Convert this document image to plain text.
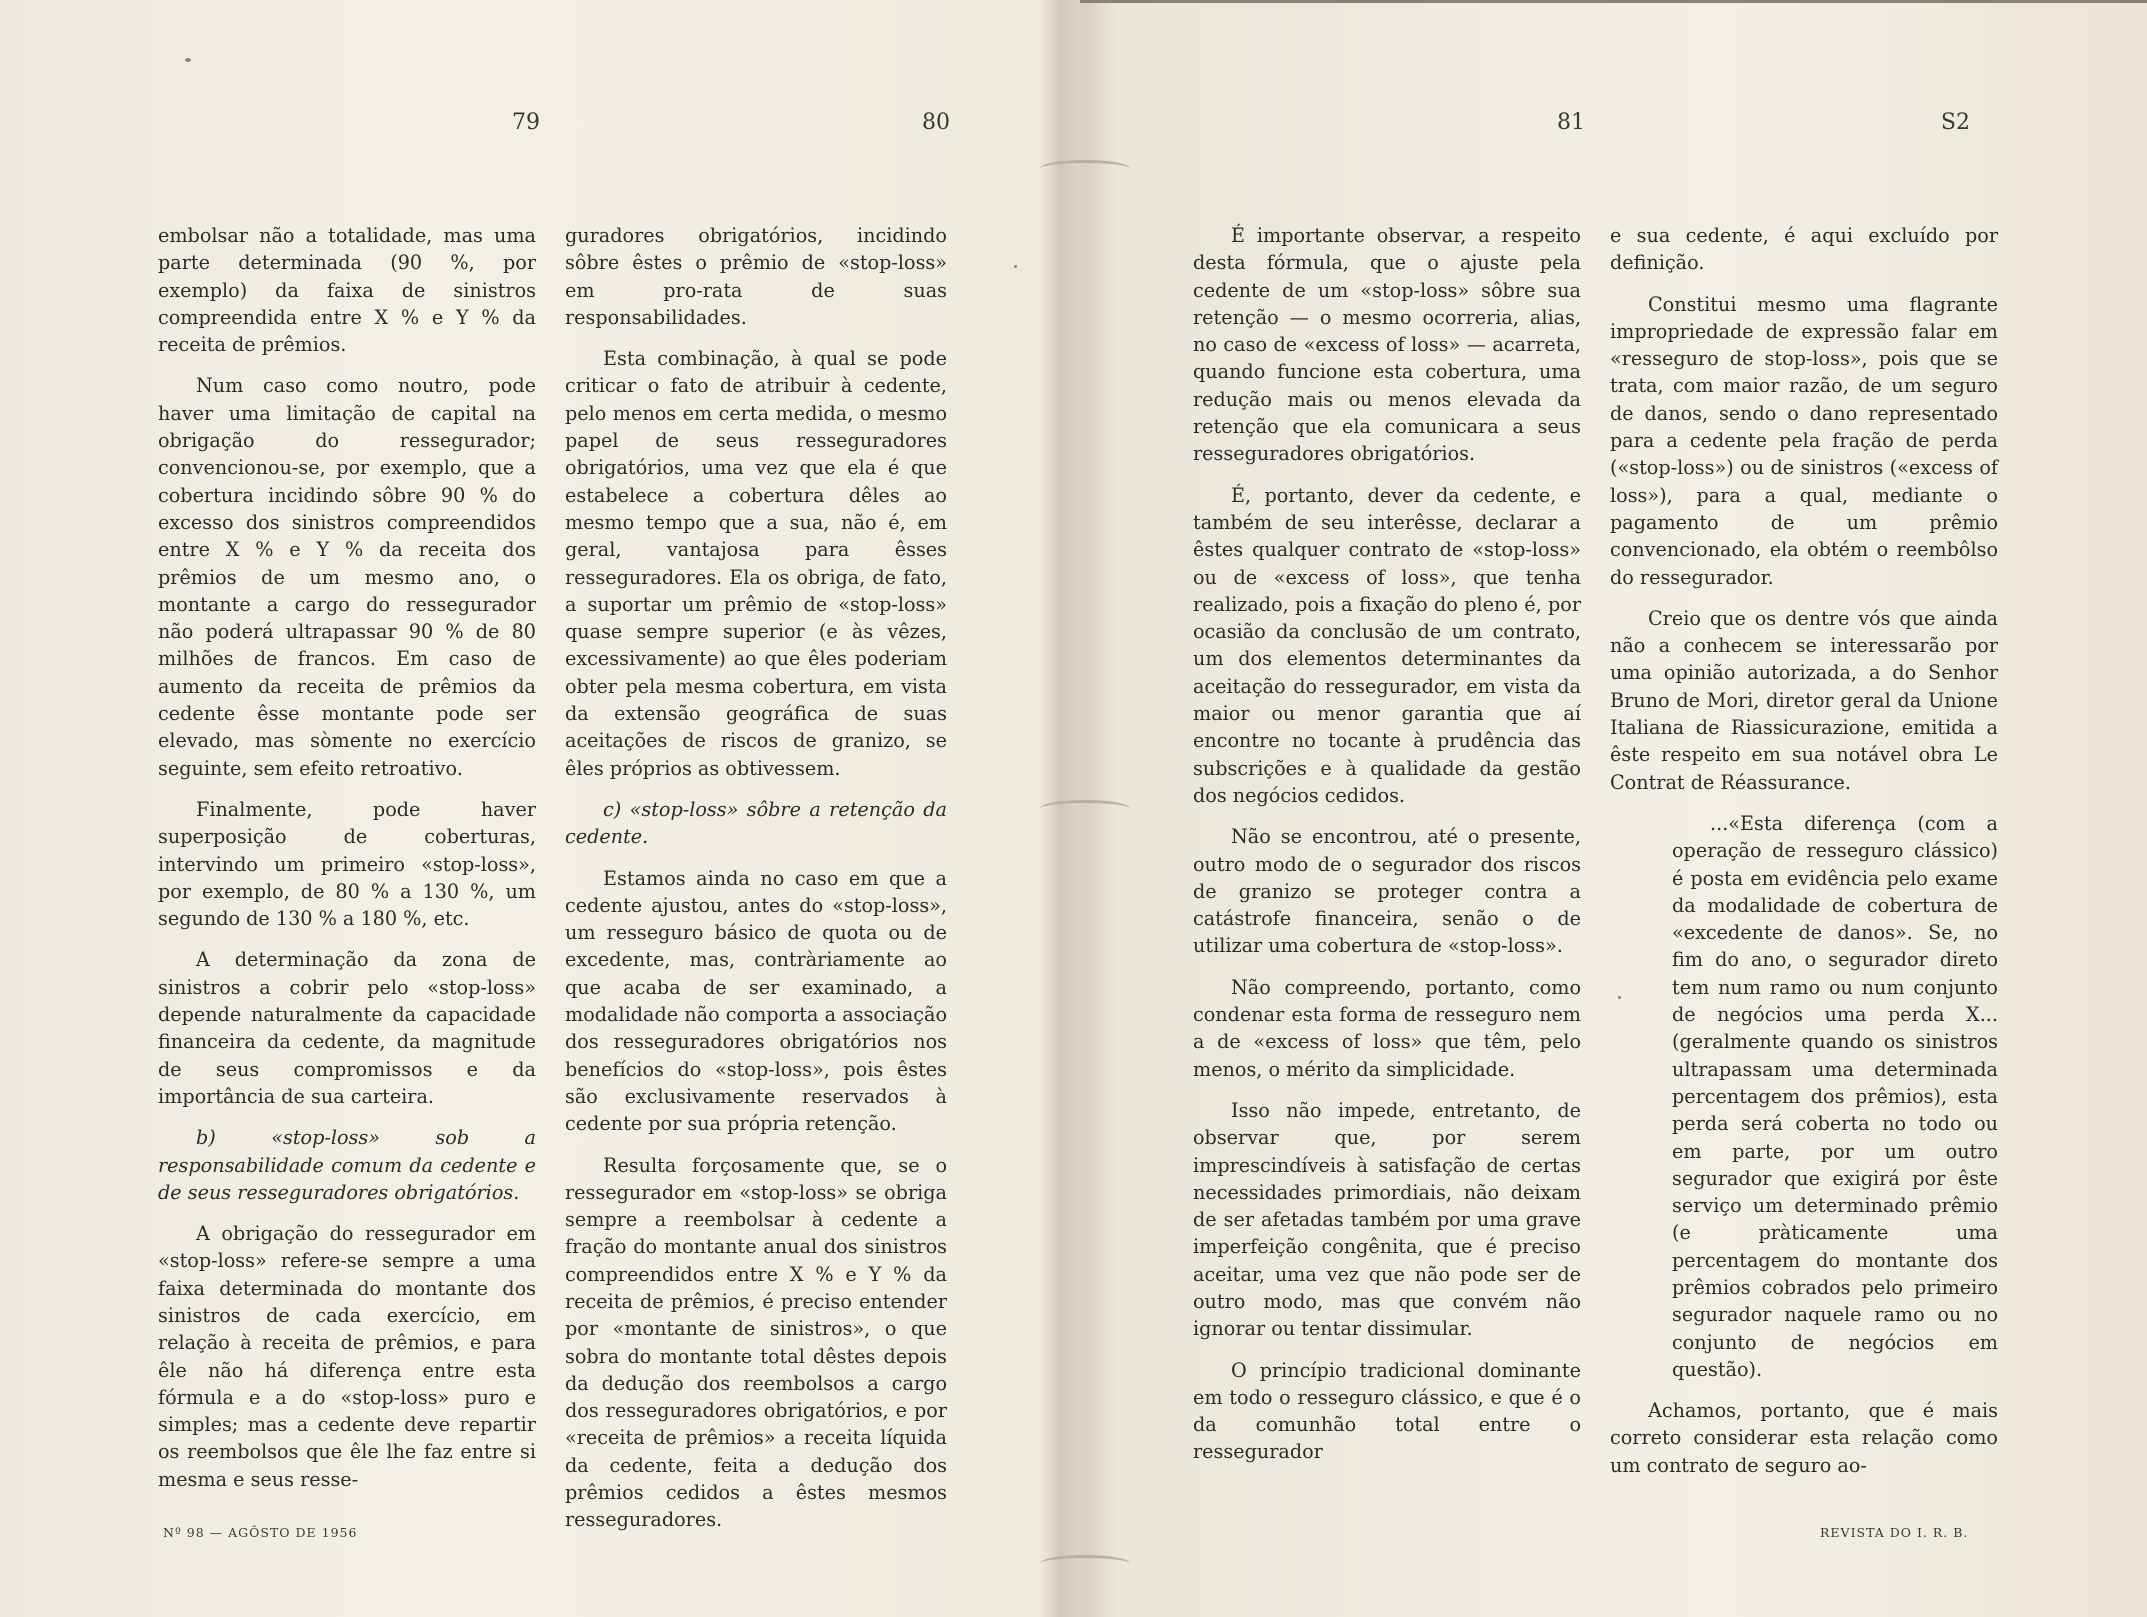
79

embolsar não a totalidade, mas uma parte determinada (90 %, por exemplo) da faixa de sinistros compreendida entre X % e Y % da receita de prêmios.

Num caso como noutro, pode haver uma limitação de capital na obrigação do ressegurador; convencionou-se, por exemplo, que a cobertura incidindo sôbre 90 % do excesso dos sinistros compreendidos entre X % e Y % da receita dos prêmios de um mesmo ano, o montante a cargo do ressegurador não poderá ultrapassar 90 % de 80 milhões de francos. Em caso de aumento da receita de prêmios da cedente êsse montante pode ser elevado, mas sòmente no exercício seguinte, sem efeito retroativo.

Finalmente, pode haver superposição de coberturas, intervindo um primeiro «stop-loss», por exemplo, de 80 % a 130 %, um segundo de 130 % a 180 %, etc.

A determinação da zona de sinistros a cobrir pelo «stop-loss» depende naturalmente da capacidade financeira da cedente, da magnitude de seus compromissos e da importância de sua carteira.

b) «stop-loss» sob a responsabilidade comum da cedente e de seus resseguradores obrigatórios.

A obrigação do ressegurador em «stop-loss» refere-se sempre a uma faixa determinada do montante dos sinistros de cada exercício, em relação à receita de prêmios, e para êle não há diferença entre esta fórmula e a do «stop-loss» puro e simples; mas a cedente deve repartir os reembolsos que êle lhe faz entre si mesma e seus resse-

80

guradores obrigatórios, incidindo sôbre êstes o prêmio de «stop-loss» em pro-rata de suas responsabilidades.

Esta combinação, à qual se pode criticar o fato de atribuir à cedente, pelo menos em certa medida, o mesmo papel de seus resseguradores obrigatórios, uma vez que ela é que estabelece a cobertura dêles ao mesmo tempo que a sua, não é, em geral, vantajosa para êsses resseguradores. Ela os obriga, de fato, a suportar um prêmio de «stop-loss» quase sempre superior (e às vêzes, excessivamente) ao que êles poderiam obter pela mesma cobertura, em vista da extensão geográfica de suas aceitações de riscos de granizo, se êles próprios as obtivessem.

c) «stop-loss» sôbre a retenção da cedente.

Estamos ainda no caso em que a cedente ajustou, antes do «stop-loss», um resseguro básico de quota ou de excedente, mas, contràriamente ao que acaba de ser examinado, a modalidade não comporta a associação dos resseguradores obrigatórios nos benefícios do «stop-loss», pois êstes são exclusivamente reservados à cedente por sua própria retenção.

Resulta forçosamente que, se o ressegurador em «stop-loss» se obriga sempre a reembolsar à cedente a fração do montante anual dos sinistros compreendidos entre X % e Y % da receita de prêmios, é preciso entender por «montante de sinistros», o que sobra do montante total dêstes depois da dedução dos reembolsos a cargo dos resseguradores obrigatórios, e por «receita de prêmios» a receita líquida da cedente, feita a dedução dos prêmios cedidos a êstes mesmos resseguradores.

81

É importante observar, a respeito desta fórmula, que o ajuste pela cedente de um «stop-loss» sôbre sua retenção — o mesmo ocorreria, alias, no caso de «excess of loss» — acarreta, quando funcione esta cobertura, uma redução mais ou menos elevada da retenção que ela comunicara a seus resseguradores obrigatórios.

É, portanto, dever da cedente, e também de seu interêsse, declarar a êstes qualquer contrato de «stop-loss» ou de «excess of loss», que tenha realizado, pois a fixação do pleno é, por ocasião da conclusão de um contrato, um dos elementos determinantes da aceitação do ressegurador, em vista da maior ou menor garantia que aí encontre no tocante à prudência das subscrições e à qualidade da gestão dos negócios cedidos.

Não se encontrou, até o presente, outro modo de o segurador dos riscos de granizo se proteger contra a catástrofe financeira, senão o de utilizar uma cobertura de «stop-loss».

Não compreendo, portanto, como condenar esta forma de resseguro nem a de «excess of loss» que têm, pelo menos, o mérito da simplicidade.

Isso não impede, entretanto, de observar que, por serem imprescindíveis à satisfação de certas necessidades primordiais, não deixam de ser afetadas também por uma grave imperfeição congênita, que é preciso aceitar, uma vez que não pode ser de outro modo, mas que convém não ignorar ou tentar dissimular.

O princípio tradicional dominante em todo o resseguro clássico, e que é o da comunhão total entre o ressegurador

S2

e sua cedente, é aqui excluído por definição.

Constitui mesmo uma flagrante impropriedade de expressão falar em «resseguro de stop-loss», pois que se trata, com maior razão, de um seguro de danos, sendo o dano representado para a cedente pela fração de perda («stop-loss») ou de sinistros («excess of loss»), para a qual, mediante o pagamento de um prêmio convencionado, ela obtém o reembôlso do ressegurador.

Creio que os dentre vós que ainda não a conhecem se interessarão por uma opinião autorizada, a do Senhor Bruno de Mori, diretor geral da Unione Italiana de Riassicurazione, emitida a êste respeito em sua notável obra Le Contrat de Réassurance.

...«Esta diferença (com a operação de resseguro clássico) é posta em evidência pelo exame da modalidade de cobertura de «excedente de danos». Se, no fim do ano, o segurador direto tem num ramo ou num conjunto de negócios uma perda X... (geralmente quando os sinistros ultrapassam uma determinada percentagem dos prêmios), esta perda será coberta no todo ou em parte, por um outro segurador que exigirá por êste serviço um determinado prêmio (e pràticamente uma percentagem do montante dos prêmios cobrados pelo primeiro segurador naquele ramo ou no conjunto de negócios em questão).

Achamos, portanto, que é mais correto considerar esta relação como um contrato de seguro ao-

Nº 98 — AGÔSTO DE 1956	REVISTA DO I. R. B.
